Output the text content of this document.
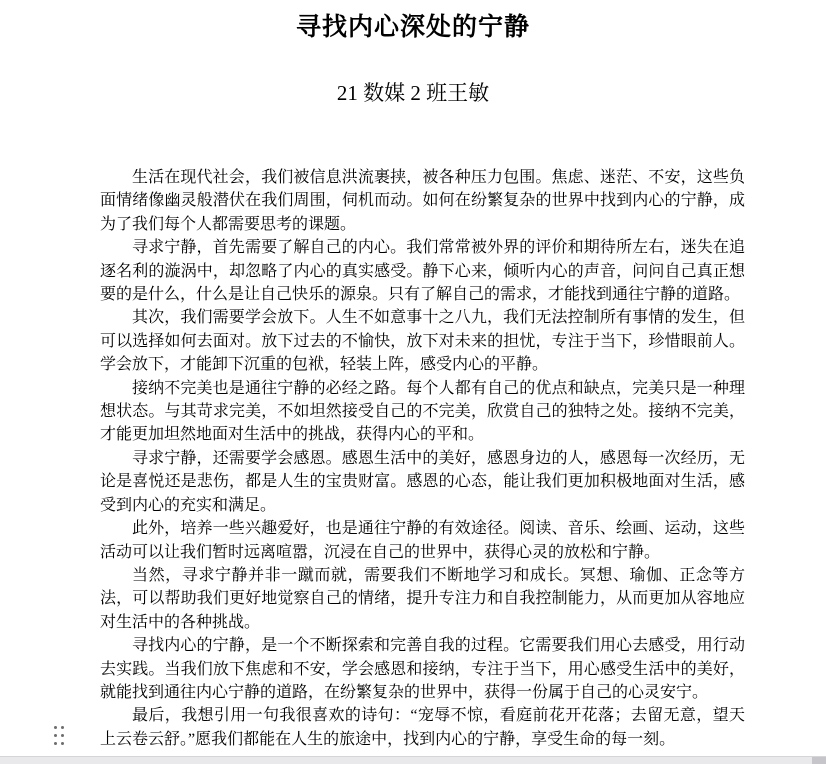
寻找内心深处的宁静
21 数媒 2 班王敏

生活在现代社会，我们被信息洪流裹挟，被各种压力包围。焦虑、迷茫、不安，这些负面情绪像幽灵般潜伏在我们周围，伺机而动。如何在纷繁复杂的世界中找到内心的宁静，成为了我们每个人都需要思考的课题。

寻求宁静，首先需要了解自己的内心。我们常常被外界的评价和期待所左右，迷失在追逐名利的漩涡中，却忽略了内心的真实感受。静下心来，倾听内心的声音，问问自己真正想要的是什么，什么是让自己快乐的源泉。只有了解自己的需求，才能找到通往宁静的道路。

其次，我们需要学会放下。人生不如意事十之八九，我们无法控制所有事情的发生，但可以选择如何去面对。放下过去的不愉快，放下对未来的担忧，专注于当下，珍惜眼前人。学会放下，才能卸下沉重的包袱，轻装上阵，感受内心的平静。

接纳不完美也是通往宁静的必经之路。每个人都有自己的优点和缺点，完美只是一种理想状态。与其苛求完美，不如坦然接受自己的不完美，欣赏自己的独特之处。接纳不完美，才能更加坦然地面对生活中的挑战，获得内心的平和。

寻求宁静，还需要学会感恩。感恩生活中的美好，感恩身边的人，感恩每一次经历，无论是喜悦还是悲伤，都是人生的宝贵财富。感恩的心态，能让我们更加积极地面对生活，感受到内心的充实和满足。

此外，培养一些兴趣爱好，也是通往宁静的有效途径。阅读、音乐、绘画、运动，这些活动可以让我们暂时远离喧嚣，沉浸在自己的世界中，获得心灵的放松和宁静。

当然，寻求宁静并非一蹴而就，需要我们不断地学习和成长。冥想、瑜伽、正念等方法，可以帮助我们更好地觉察自己的情绪，提升专注力和自我控制能力，从而更加从容地应对生活中的各种挑战。

寻找内心的宁静，是一个不断探索和完善自我的过程。它需要我们用心去感受，用行动去实践。当我们放下焦虑和不安，学会感恩和接纳，专注于当下，用心感受生活中的美好，就能找到通往内心宁静的道路，在纷繁复杂的世界中，获得一份属于自己的心灵安宁。

最后，我想引用一句我很喜欢的诗句：“宠辱不惊，看庭前花开花落；去留无意，望天上云卷云舒。”愿我们都能在人生的旅途中，找到内心的宁静，享受生命的每一刻。
